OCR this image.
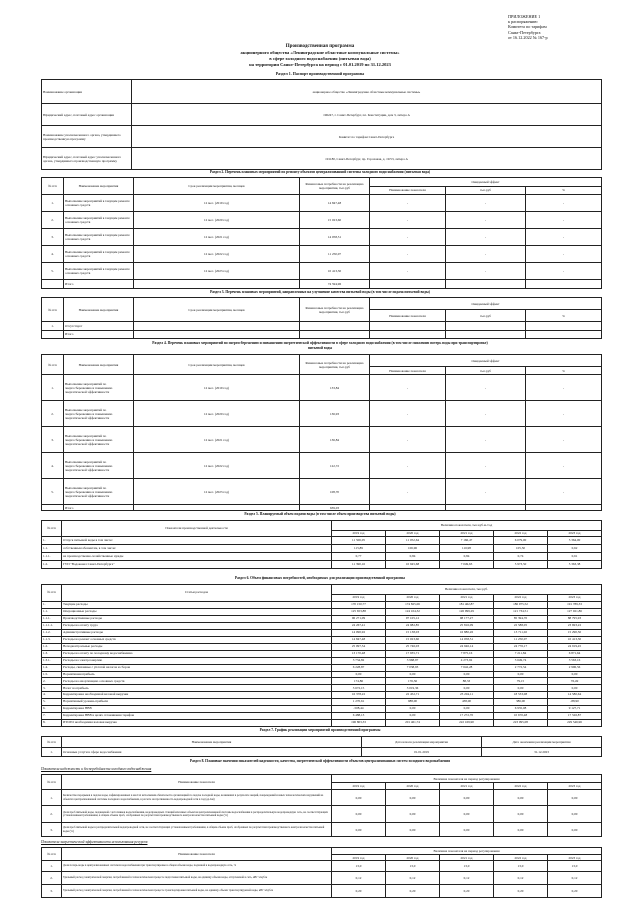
ПРИЛОЖЕНИЕ 1
к распоряжению
Комитета по тарифам
Санкт-Петербурга
от 16.12.2022 № 167-р
Производственная программа
акционерного общества «Ленинградские областные коммунальные системы»
в сфере холодного водоснабжения (питьевая вода)
на территории Санкт-Петербурга на период с 01.01.2019 по 31.12.2023
Раздел 1. Паспорт производственной программы
Наименование организации	акционерное общество «Ленинградские областные коммунальные системы»
Юридический адрес, почтовый адрес организации	196247, г. Санкт-Петербург, пл. Конституции, дом 3, литера А
Наименование уполномоченного органа, утвердившего производственную программу	Комитет по тарифам Санкт-Петербурга
Юридический адрес, почтовый адрес уполномоченного органа, утвердившего производственную программу	191180, Санкт-Петербург, пр. Гороховая, д. 19/53, литера А
Раздел 2. Перечень плановых мероприятий по ремонту объектов централизованной системы холодного водоснабжения (питьевая вода)
№ п/п	Наименование мероприятия	Срок реализации мероприятия, месяцев	Финансовые потребности на реализацию мероприятия, тыс.руб	Ожидаемый эффект		
				Наименование показателя	тыс.руб	%
1.	Выполнение мероприятий в текущем ремонте основных средств	12 мес. (2019 год)	14 847,48	-	-	-
2.	Выполнение мероприятий в текущем ремонте основных средств	12 мес. (2020 год)	15 023,60	-	-	-
3.	Выполнение мероприятий в текущем ремонте основных средств	12 мес. (2021 год)	14 058,51	-	-	-
4.	Выполнение мероприятий в текущем ремонте основных средств	12 мес. (2022 год)	11 250,07	-	-	-
5.	Выполнение мероприятий в текущем ремонте основных средств	12 мес. (2023 год)	10 413,30	-	-	-
	Итого		74 594,96			
Раздел 3. Перечень плановых мероприятий, направленных на улучшение качества питьевой воды (в том числе подача питьевой воды)
№ п/п	Наименование мероприятия	Срок реализации мероприятия, месяцев	Финансовые потребности на реализацию мероприятия, тыс.руб	Ожидаемый эффект		
				Наименование показателя	тыс.руб	%
1.	Отсутствует					
	Итого					
Раздел 4. Перечень плановых мероприятий по энергосбережению и повышению энергетической эффективности в сфере холодного водоснабжения (в том числе снижению потерь воды при транспортировке)
питьевой воды
№ п/п	Наименование мероприятия	Срок реализации мероприятия, месяцев	Финансовые потребности на реализацию мероприятия, тыс.руб	Ожидаемый эффект		
				Наименование показателя	тыс.руб	%
1.	Выполнение мероприятий по энергосбережению и повышению энергетической эффективности	12 мес. (2019 год)	133,84	-	-	-
2.	Выполнение мероприятий по энергосбережению и повышению энергетической эффективности	12 мес. (2020 год)	136,93	-	-	-
3.	Выполнение мероприятий по энергосбережению и повышению энергетической эффективности	12 мес. (2021 год)	136,84	-	-	-
4.	Выполнение мероприятий по энергосбережению и повышению энергетической эффективности	12 мес. (2022 год)	122,72	-	-	-
5.	Выполнение мероприятий по энергосбережению и повышению энергетической эффективности	12 мес. (2023 год)	108,70	-	-	-
	Итого		639,03			
Раздел 5. Планируемый объем подачи воды (в том числе объем производства питьевой воды)
№ п/п	Показатели производственной деятельности	Величина показателя, тыс.куб.м./год				
		2019 год	2020 год	2021 год	2022 год	2023 год
1.	Отпуск питьевой воды в том числе:	11 506,05	11 052,64	7 166,47	6 079,00	5 364,00
1.1.	собственным абонентам, в том числе:	115,89	106,96	116,98	105,50	0,62
1.1.1.	на производственно-хозяйственные нужды	0,77	0,84	0,84	0,74	0,61
1.2.	ГУП "Водоканал Санкт-Петербурга"	11 390,16	10 945,68	7 049,63	5 973,50	5 363,38
Раздел 6. Объем финансовых потребностей, необходимых для реализации производственной программы
№ п/п	Статьи расходов	Величина показателя, тыс.руб.				
		2019 год	2020 год	2021 год	2022 год	2023 год
1.	Текущие расходы	170 150,77	174 825,06	181 462,87	186 975,52	191 789,33
1.1.	Операционные расходы	125 653,88	124 104,32	126 999,29	121 734,51	127 021,86
1.1.1.	Производственные расходы	96 271,09	97 105,12	98 177,27	85 394,70	88 795,93
1.1.1.1.	Расходы на оплату труда	24 267,41	24 982,85	25 816,09	22 588,05	23 693,22
1.1.2.	Административные расходы	14 090,92	15 138,03	16 880,26	13 711,02	15 290,50
1.1.3.	Расходы на ремонт основных средств	14 847,48	15 023,60	14 058,51	11 250,07	10 413,30
1.2.	Неподконтрольные расходы	25 097,54	25 746,03	24 946,14	24 776,17	24 919,45
1.3.	Расходы на оплату по холодному водоснабжению	13 170,48	17 935,71	7 875,16	7 211,84	6 871,64
1.3.1.	Расходы на электроэнергию	3 734,82	3 968,97	4 273,92	3 649,74	3 563,16
1.4.	Расходы, связанные с уплатой налогов и сборов	6 228,87	7 038,93	7 642,28	2 772,54	2 996,56
1.5.	Нормативная прибыль	0,00	0,00	0,00	0,00	0,00
2.	Расходы на амортизацию основных средств	174,86	176,36	88,33	79,15	76,49
3.	Налог на прибыль	3 672,15	3 019,36	0,00	0,00	0,00
4.	Корректировка необходимой валовой выручки	16 378,22	22 452,71	23 204,11	18 533,08	14 580,64
5.	Нормативный уровень прибыли	1 270,61	988,00	438,00	386,00	-88,90
6.	Корректировка НВВ	-508,44	0,00	0,00	6 935,08	9 127,71
7.	Корректировка НВВ в целях сглаживания тарифов	6 488,13	0,00	17 272,70	10 670,48	17 526,87
8.	ИТОГО необходимая валовая выручка	196 803,33	201 461,74	222 169,90	223 095,08	229 546,96
Раздел 7. График реализации мероприятий производственной программы
№ п/п	Наименование мероприятия	Дата начала реализации мероприятия	Дата окончания реализации мероприятия
1.	Основные услуги в сфере водоснабжения	01.01.2019	31.12.2023
Раздел 8. Плановые значения показателей надежности, качества, энергетической эффективности объектов централизованных систем холодного водоснабжения
Показатели надежности и бесперебойности холодного водоснабжения
№ п/п	Наименование показателя	Величина показателя на период регулирования				
		2019 год	2020 год	2021 год	2022 год	2023 год
1.	Количество перерывов в подаче воды, зафиксированных в местах исполнения обязательств организацией по подаче холодной воды, возникших в результате аварий, повреждений и иных технологических нарушений на объектах централизованной системы холодного водоснабжения, в расчете на протяженность водопроводной сети в год (ед./км)	0,00	0,00	0,00	0,00	0,00
2.	Доля проб питьевой воды, подаваемой с источников водоснабжения, водопроводных станций или иных объектов централизованной системы водоснабжения в распределительную водопроводную сеть, не соответствующих установленным требованиям, в общем объеме проб, отобранных по результатам производственного контроля качества питьевой воды (%)	0,00	0,00	0,00	0,00	0,00
3.	Доля проб питьевой воды в распределительной водопроводной сети, не соответствующих установленным требованиям, в общем объеме проб, отобранных по результатам производственного контроля качества питьевой воды (%)	0,00	0,00	0,00	0,00	0,00
Показатели энергетической эффективности использования ресурсов
№ п/п	Наименование показателя	Величина показателя на период регулирования				
		2019 год	2020 год	2021 год	2022 год	2023 год
1.	Доля потерь воды в централизованных системах водоснабжения при транспортировке в общем объеме воды, поданной в водопроводную сеть, %	13,0	13,0	13,0	13,0	13,0
2.	Удельный расход электрической энергии, потребляемой в технологическом процессе подготовки питьевой воды, на единицу объема воды, отпускаемой в сеть, кВт·ч/куб.м	0,12	0,12	0,12	0,12	0,12
3.	Удельный расход электрической энергии, потребляемой в технологическом процессе транспортировки питьевой воды, на единицу объема транспортируемой воды, кВт·ч/куб.м	0,20	0,20	0,20	0,20	0,20
